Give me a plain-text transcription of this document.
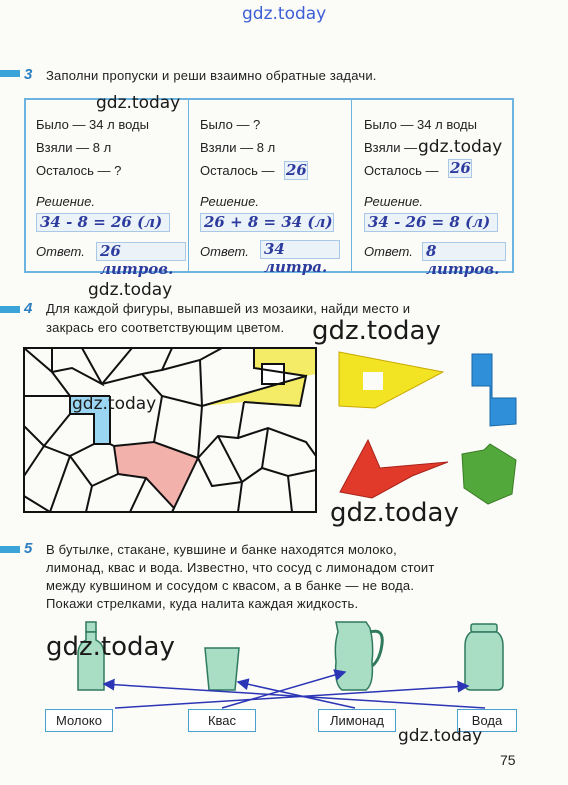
gdz.today
3 Заполни пропуски и реши взаимно обратные задачи.
Было — 34 л воды
Взяли — 8 л
Осталось — ?
Решение.
34 - 8 = 26 (л)
Ответ. 26 литров.
Было — ?
Взяли — 8 л
Осталось — 26
Решение.
26 + 8 = 34 (л)
Ответ. 34 литра.
Было — 34 л воды
Взяли —
Осталось — 26
Решение.
34 - 26 = 8 (л)
Ответ. 8 литров.
gdz.today
gdz.today
gdz.today
4 Для каждой фигуры, выпавшей из мозаики, найди место и
закрась его соответствующим цветом. gdz.today
gdz.today
gdz.today
5 В бутылке, стакане, кувшине и банке находятся молоко,
лимонад, квас и вода. Известно, что сосуд с лимонадом стоит
между кувшином и сосудом с квасом, а в банке — не вода.
Покажи стрелками, куда налита каждая жидкость.
Молоко	Квас	Лимонад	Вода
gdz.today
gdz.today
75
